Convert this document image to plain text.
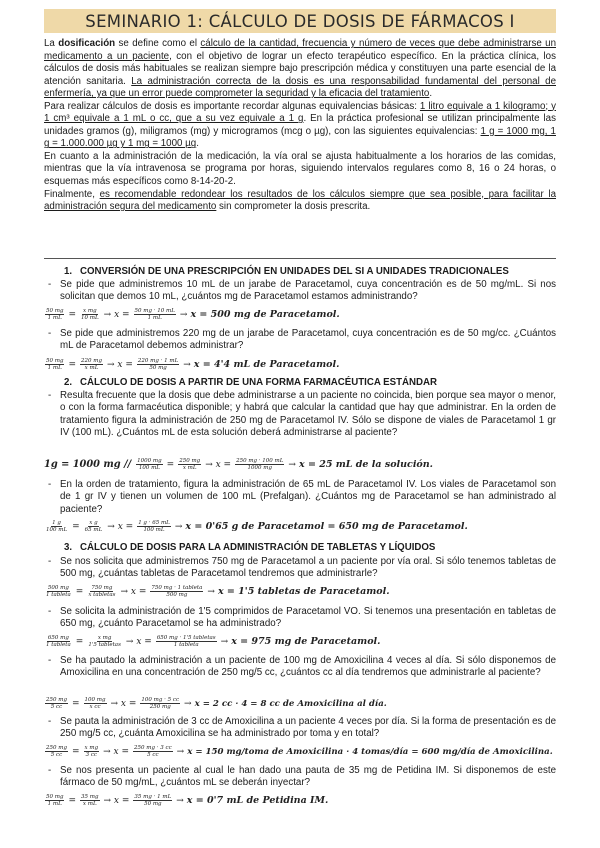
SEMINARIO 1: CÁLCULO DE DOSIS DE FÁRMACOS I

La dosificación se define como el cálculo de la cantidad, frecuencia y número de veces que debe administrarse un medicamento a un paciente, con el objetivo de lograr un efecto terapéutico específico. En la práctica clínica, los cálculos de dosis más habituales se realizan siempre bajo prescripción médica y constituyen una parte esencial de la atención sanitaria. La administración correcta de la dosis es una responsabilidad fundamental del personal de enfermería, ya que un error puede comprometer la seguridad y la eficacia del tratamiento.

Para realizar cálculos de dosis es importante recordar algunas equivalencias básicas: 1 litro equivale a 1 kilogramo; y 1 cm³ equivale a 1 mL o cc, que a su vez equivale a 1 g. En la práctica profesional se utilizan principalmente las unidades gramos (g), miligramos (mg) y microgramos (mcg o µg), con las siguientes equivalencias: 1 g = 1000 mg, 1 g = 1.000.000 µg y 1 mg = 1000 µg.

En cuanto a la administración de la medicación, la vía oral se ajusta habitualmente a los horarios de las comidas, mientras que la vía intravenosa se programa por horas, siguiendo intervalos regulares como 8, 16 o 24 horas, o esquemas más específicos como 8-14-20-2.

Finalmente, es recomendable redondear los resultados de los cálculos siempre que sea posible, para facilitar la administración segura del medicamento sin comprometer la dosis prescrita.

1. CONVERSIÓN DE UNA PRESCRIPCIÓN EN UNIDADES DEL SI A UNIDADES TRADICIONALES
- Se pide que administremos 10 mL de un jarabe de Paracetamol, cuya concentración es de 50 mg/mL. Si nos solicitan que demos 10 mL, ¿cuántos mg de Paracetamol estamos administrando?
$\frac{50 mg}{1 mL} = \frac{\text{x mg}}{10 mL} \to x = \frac{50 mg \cdot 10 mL}{1 mL} \to x = 500$ mg de Paracetamol.
- Se pide que administremos 220 mg de un jarabe de Paracetamol, cuya concentración es de 50 mg/cc. ¿Cuántos mL de Paracetamol debemos administrar?
$\frac{50 mg}{1 mL} = \frac{220 mg}{\text{x mL}} \to x = \frac{220 mg \cdot 1 mL}{50 mg} \to x = 4'4$ mL de Paracetamol.
2. CÁLCULO DE DOSIS A PARTIR DE UNA FORMA FARMACÉUTICA ESTÁNDAR
- Resulta frecuente que la dosis que debe administrarse a un paciente no coincida, bien porque sea mayor o menor, o con la forma farmacéutica disponible; y habrá que calcular la cantidad que hay que administrar. En la orden de tratamiento figura la administración de 250 mg de Paracetamol IV. Sólo se dispone de viales de Paracetamol 1 gr IV (100 mL). ¿Cuántos mL de esta solución deberá administrarse al paciente?
1g = 1000 mg // $\frac{1000 mg}{100 mL} = \frac{250 mg}{\text{x mL}} \to x = \frac{250 mg \cdot 100 mL}{1000 mg} \to x = 25$ mL de la solución.
- En la orden de tratamiento, figura la administración de 65 mL de Paracetamol IV. Los viales de Paracetamol son de 1 gr IV y tienen un volumen de 100 mL (Prefalgan). ¿Cuántos mg de Paracetamol se han administrado al paciente?
$\frac{1 g}{100 mL} = \frac{\text{x g}}{65 mL} \to x = \frac{1 g \cdot 65 mL}{100 mL} \to x = 0'65$ g de Paracetamol = 650 mg de Paracetamol.
3. CÁLCULO DE DOSIS PARA LA ADMINISTRACIÓN DE TABLETAS Y LÍQUIDOS
- Se nos solicita que administremos 750 mg de Paracetamol a un paciente por vía oral. Si sólo tenemos tabletas de 500 mg, ¿cuántas tabletas de Paracetamol tendremos que administrarle?
$\frac{500 mg}{\text{1 tableta}} = \frac{750 mg}{\text{x tabletas}} \to x = \frac{\text{750 mg · 1 tableta}}{500 mg} \to x = 1'5$ tabletas de Paracetamol.
- Se solicita la administración de 1'5 comprimidos de Paracetamol VO. Si tenemos una presentación en tabletas de 650 mg, ¿cuánto Paracetamol se ha administrado?
$\frac{650 mg}{\text{1 tableta}} = \frac{\text{x mg}}{\text{1'5 tabletas}} \to x = \frac{\text{650 mg · 1'5 tabletas}}{\text{1 tableta}} \to x = 975$ mg de Paracetamol.
- Se ha pautado la administración a un paciente de 100 mg de Amoxicilina 4 veces al día. Si sólo disponemos de Amoxicilina en una concentración de 250 mg/5 cc, ¿cuántos cc al día tendremos que administrarle al paciente?
$\frac{250 mg}{5 cc} = \frac{100 mg}{\text{x cc}} \to x = \frac{100 mg \cdot 5 cc}{250 mg} \to x = 2$ cc · 4 = 8 cc de Amoxicilina al día.
- Se pauta la administración de 3 cc de Amoxicilina a un paciente 4 veces por día. Si la forma de presentación es de 250 mg/5 cc, ¿cuánta Amoxicilina se ha administrado por toma y en total?
$\frac{250 mg}{5 cc} = \frac{\text{x mg}}{3 cc} \to x = \frac{250 mg \cdot 3 cc}{5 cc} \to x = 150$ mg/toma de Amoxicilina · 4 tomas/día = 600 mg/día de Amoxicilina.
- Se nos presenta un paciente al cual le han dado una pauta de 35 mg de Petidina IM. Si disponemos de este fármaco de 50 mg/mL, ¿cuántos mL se deberán inyectar?
$\frac{50 mg}{1 mL} = \frac{35 mg}{\text{x mL}} \to x = \frac{35 mg \cdot 1 mL}{50 mg} \to x = 0'7$ mL de Petidina IM.
